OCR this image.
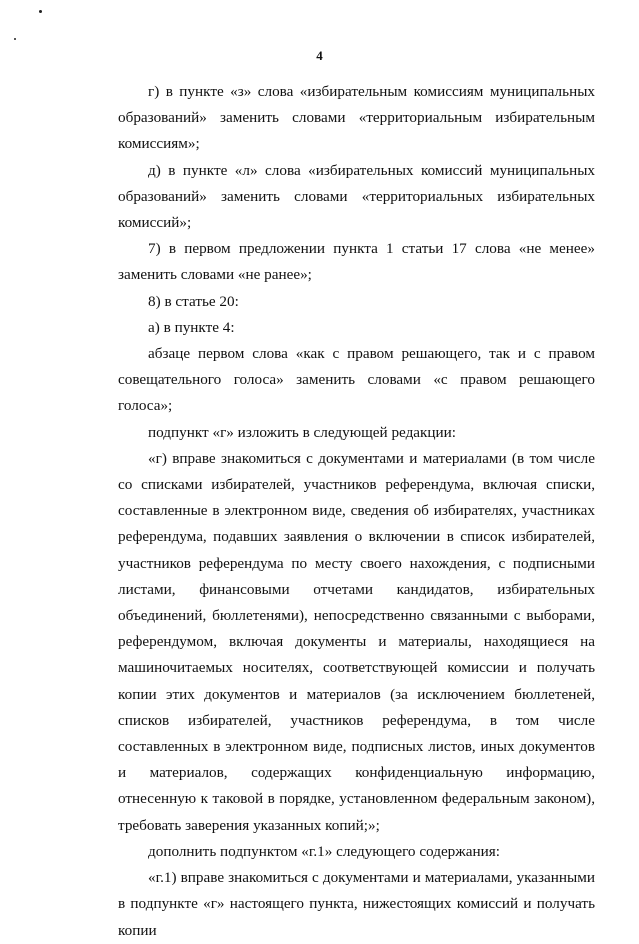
4

г) в пункте «з» слова «избирательным комиссиям муниципальных образований» заменить словами «территориальным избирательным комиссиям»;

д) в пункте «л» слова «избирательных комиссий муниципальных образований» заменить словами «территориальных избирательных комиссий»;

7) в первом предложении пункта 1 статьи 17 слова «не менее» заменить словами «не ранее»;

8) в статье 20:

а) в пункте 4:

абзаце первом слова «как с правом решающего, так и с правом совещательного голоса» заменить словами «с правом решающего голоса»;

подпункт «г» изложить в следующей редакции:

«г) вправе знакомиться с документами и материалами (в том числе со списками избирателей, участников референдума, включая списки, составленные в электронном виде, сведения об избирателях, участниках референдума, подавших заявления о включении в список избирателей, участников референдума по месту своего нахождения, с подписными листами, финансовыми отчетами кандидатов, избирательных объединений, бюллетенями), непосредственно связанными с выборами, референдумом, включая документы и материалы, находящиеся на машиночитаемых носителях, соответствующей комиссии и получать копии этих документов и материалов (за исключением бюллетеней, списков избирателей, участников референдума, в том числе составленных в электронном виде, подписных листов, иных документов и материалов, содержащих конфиденциальную информацию, отнесенную к таковой в порядке, установленном федеральным законом), требовать заверения указанных копий;»;

дополнить подпунктом «г.1» следующего содержания:

«г.1) вправе знакомиться с документами и материалами, указанными в подпункте «г» настоящего пункта, нижестоящих комиссий и получать копии
